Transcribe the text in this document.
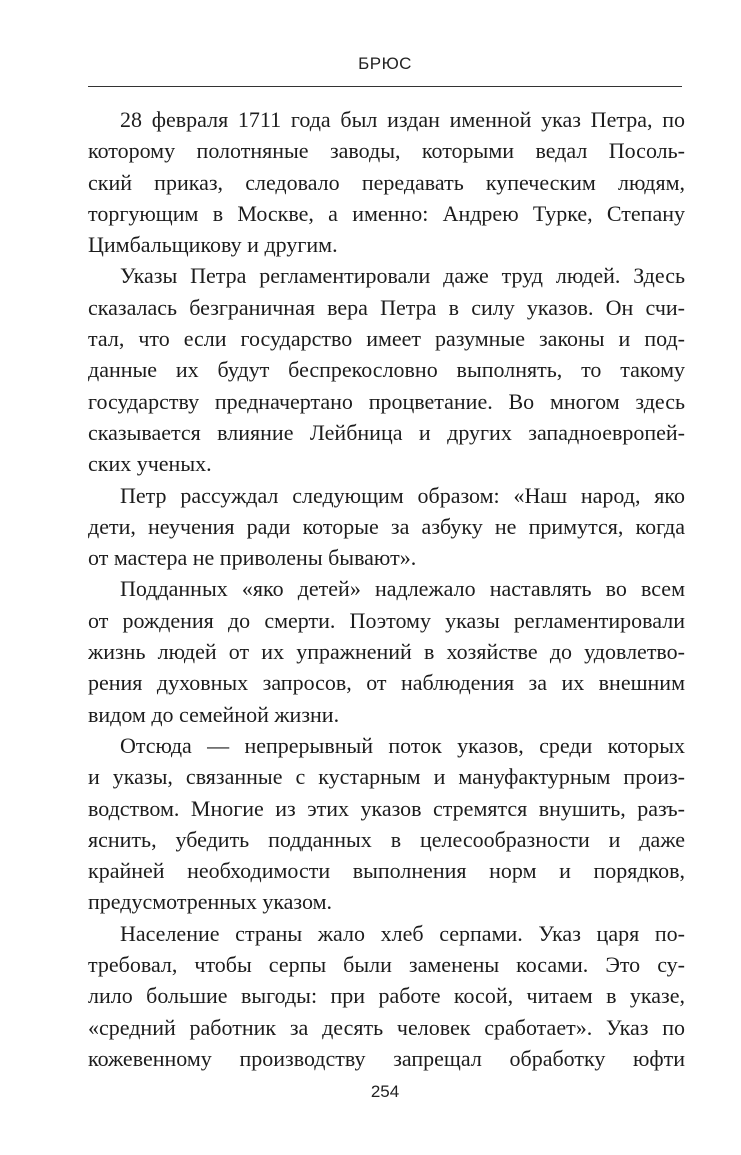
БРЮС

28 февраля 1711 года был издан именной указ Петра, по
которому полотняные заводы, которыми ведал Посоль-
ский приказ, следовало передавать купеческим людям,
торгующим в Москве, а именно: Андрею Турке, Степану
Цимбальщикову и другим.

Указы Петра регламентировали даже труд людей. Здесь
сказалась безграничная вера Петра в силу указов. Он счи-
тал, что если государство имеет разумные законы и под-
данные их будут беспрекословно выполнять, то такому
государству предначертано процветание. Во многом здесь
сказывается влияние Лейбница и других западноевропей-
ских ученых.

Петр рассуждал следующим образом: «Наш народ, яко
дети, неучения ради которые за азбуку не примутся, когда
от мастера не приволены бывают».

Подданных «яко детей» надлежало наставлять во всем
от рождения до смерти. Поэтому указы регламентировали
жизнь людей от их упражнений в хозяйстве до удовлетво-
рения духовных запросов, от наблюдения за их внешним
видом до семейной жизни.

Отсюда — непрерывный поток указов, среди которых
и указы, связанные с кустарным и мануфактурным произ-
водством. Многие из этих указов стремятся внушить, разъ-
яснить, убедить подданных в целесообразности и даже
крайней необходимости выполнения норм и порядков,
предусмотренных указом.

Население страны жало хлеб серпами. Указ царя по-
требовал, чтобы серпы были заменены косами. Это су-
лило большие выгоды: при работе косой, читаем в указе,
«средний работник за десять человек сработает». Указ по
кожевенному производству запрещал обработку юфти

254
